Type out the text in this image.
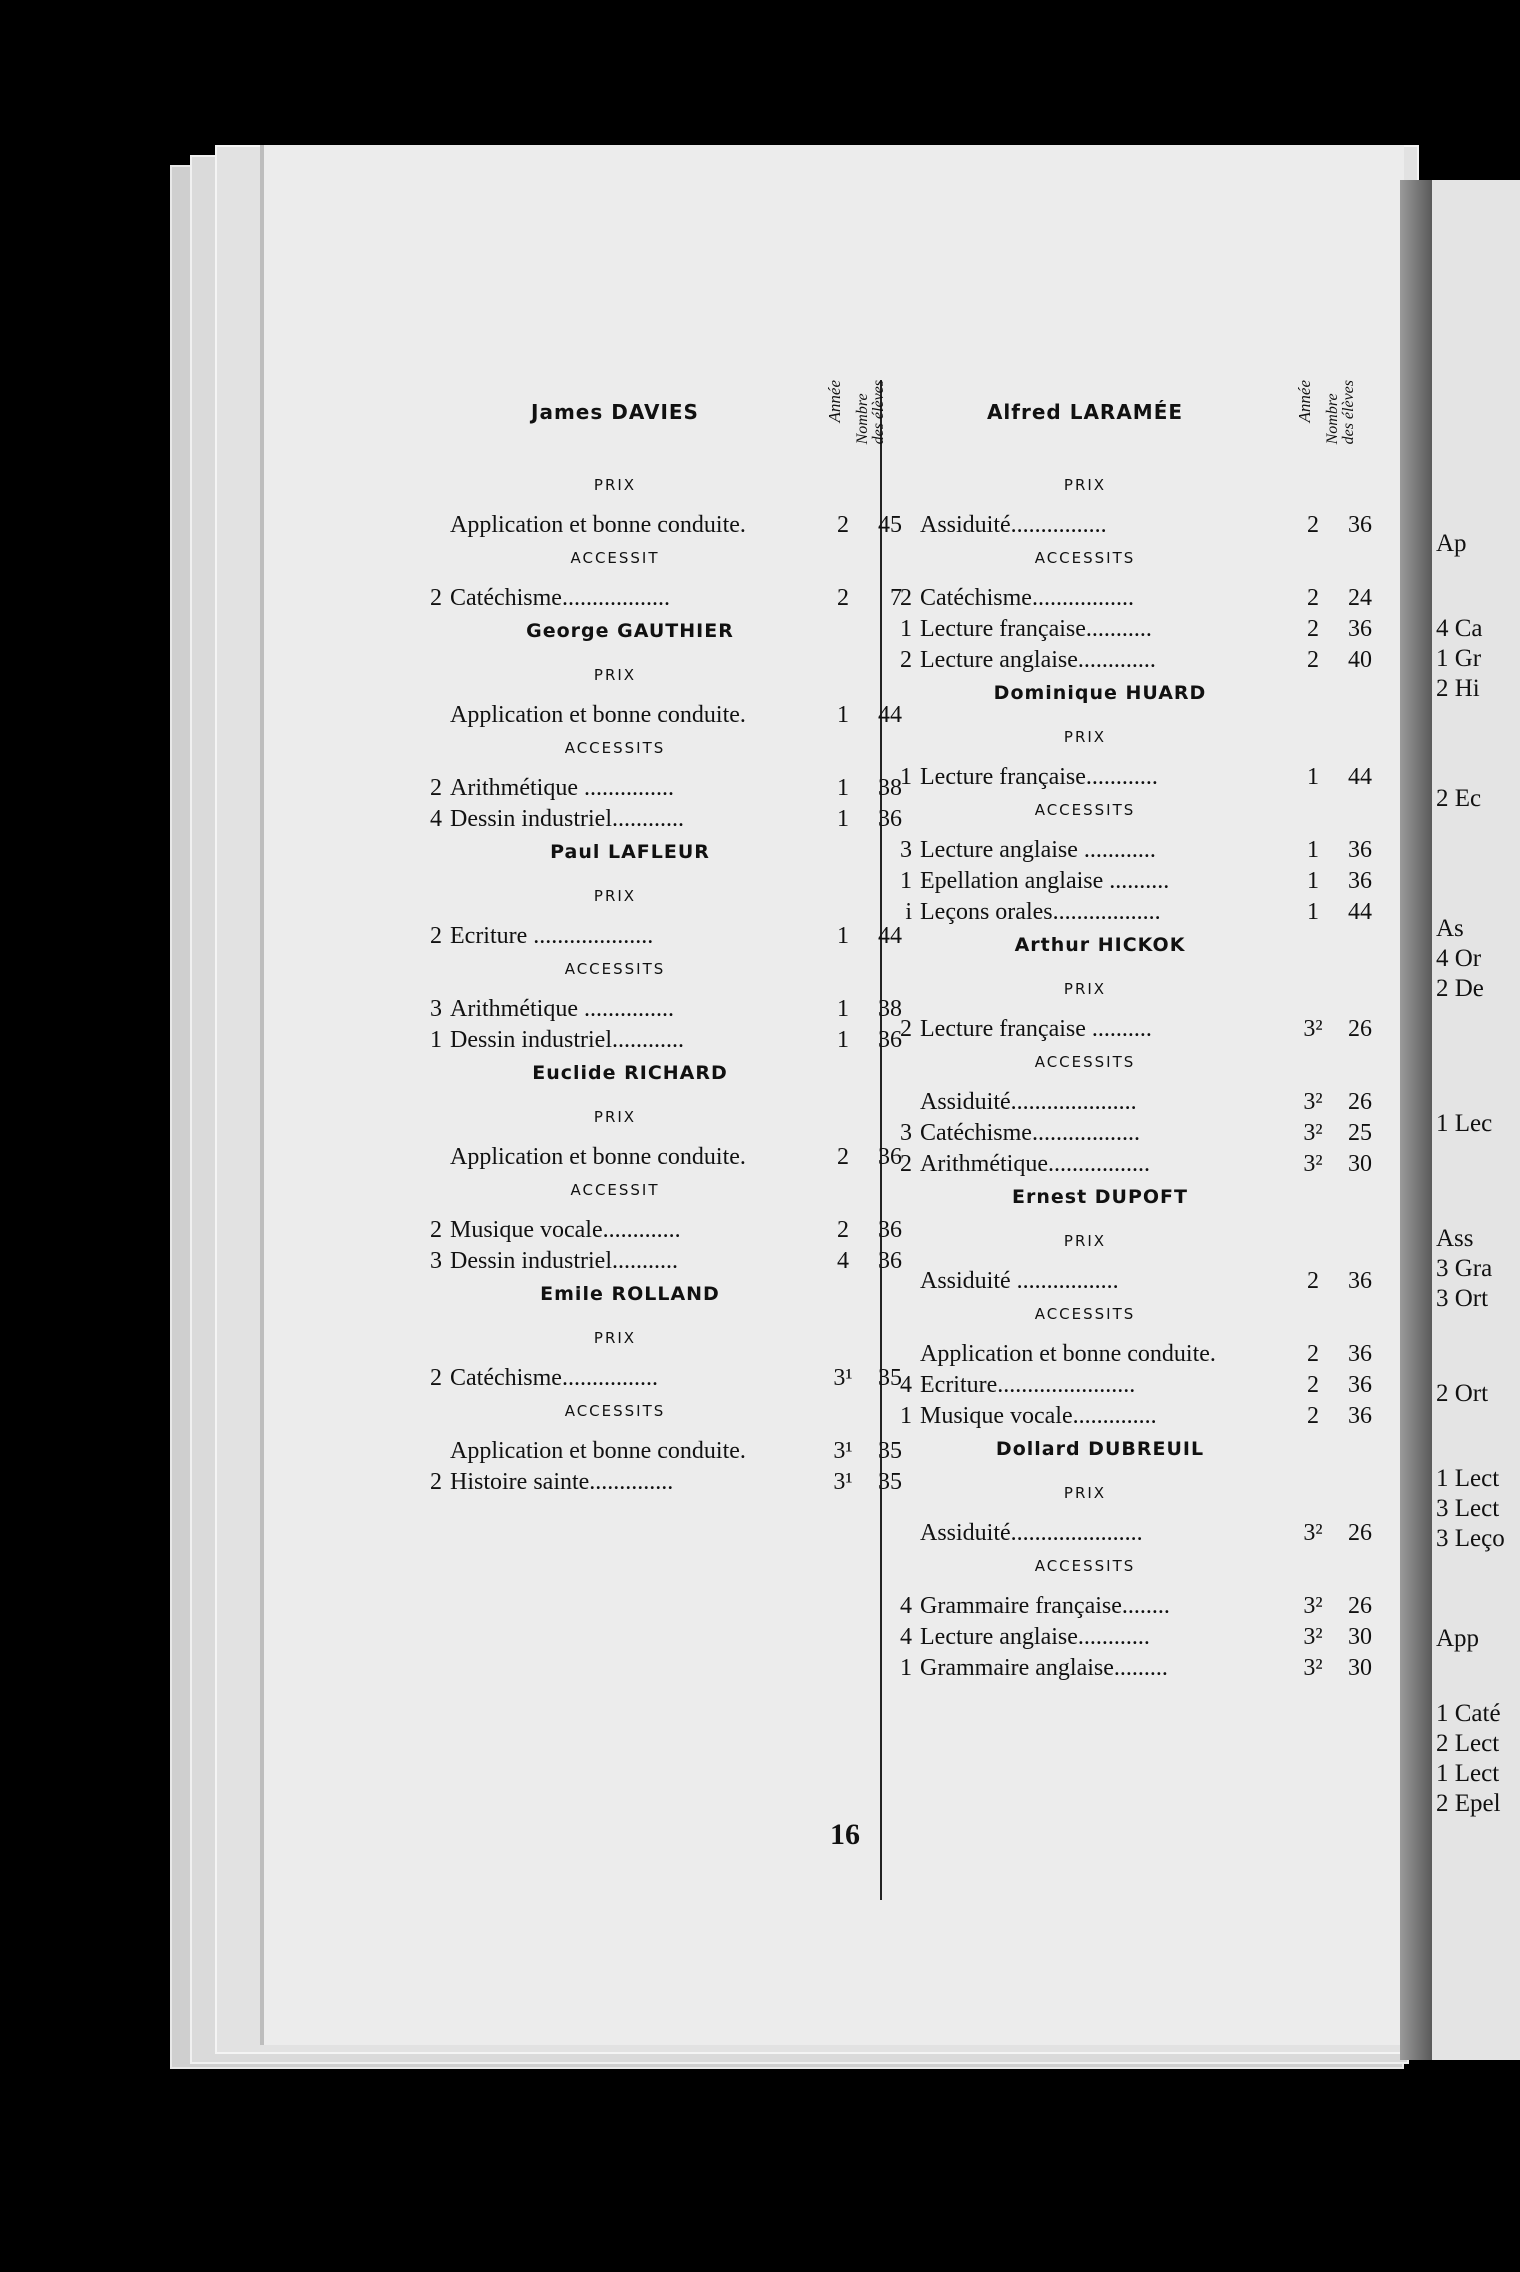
Ap
4 Ca
1 Gr
2 Hi
2 Ec
As
4 Or
2 De
1 Lec
Ass
3 Gra
3 Ort
2 Ort
1 Lect
3 Lect
3 Leço
App
1 Caté
2 Lect
1 Lect
2 Epel
James DAVIES	Année Nombre
des élèves
PRIX
Application et bonne conduite.	2	45
ACCESSIT
2 Catéchisme..................	2	7
George GAUTHIER
PRIX
Application et bonne conduite.	1	44
ACCESSITS
2 Arithmétique ...............	1	38
4 Dessin industriel............	1	36
Paul LAFLEUR
PRIX
2 Ecriture ....................	1	44
ACCESSITS
3 Arithmétique ...............	1	38
1 Dessin industriel............	1	36
Euclide RICHARD
PRIX
Application et bonne conduite.	2	36
ACCESSIT
2 Musique vocale.............	2	36
3 Dessin industriel...........	4	36
Emile ROLLAND
PRIX
2 Catéchisme................	3¹	35
ACCESSITS
Application et bonne conduite.	3¹	35
2 Histoire sainte..............	3¹	35
Alfred LARAMÉE	Année Nombre
des élèves
PRIX
Assiduité................	2	36
ACCESSITS
2 Catéchisme.................	2	24
1 Lecture française...........	2	36
2 Lecture anglaise.............	2	40
Dominique HUARD
PRIX
1 Lecture française............	1	44
ACCESSITS
3 Lecture anglaise ............	1	36
1 Epellation anglaise ..........	1	36
i Leçons orales..................	1	44
Arthur HICKOK
PRIX
2 Lecture française ..........	3²	26
ACCESSITS
Assiduité.....................	3²	26
3 Catéchisme..................	3²	25
2 Arithmétique.................	3²	30
Ernest DUPOFT
PRIX
Assiduité .................	2	36
ACCESSITS
Application et bonne conduite.	2	36
4 Ecriture.......................	2	36
1 Musique vocale..............	2	36
Dollard DUBREUIL
PRIX
Assiduité......................	3²	26
ACCESSITS
4 Grammaire française........	3²	26
4 Lecture anglaise............	3²	30
1 Grammaire anglaise.........	3²	30
16
